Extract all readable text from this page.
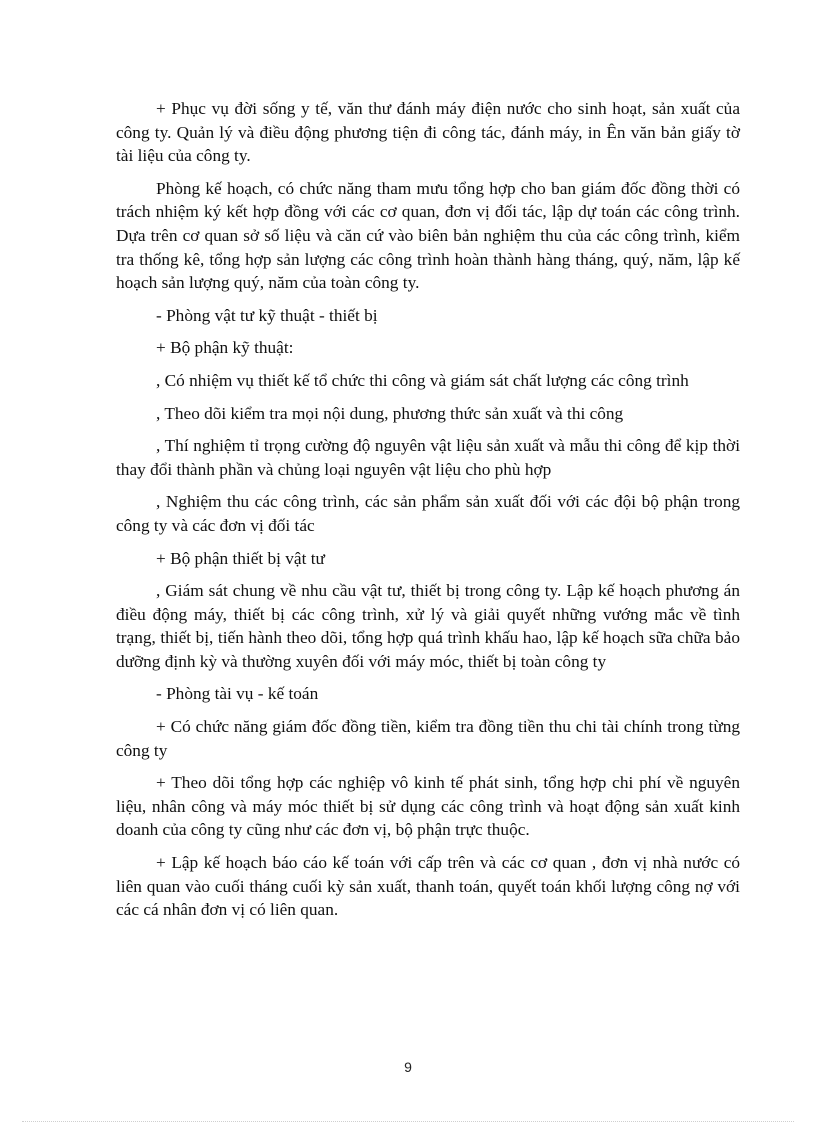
+ Phục vụ đời sống y tế, văn thư đánh máy điện nước cho sinh hoạt, sản xuất của công ty. Quản lý và điều động phương tiện đi công tác, đánh máy, in Ên văn bản giấy tờ tài liệu của công ty.

Phòng kế hoạch, có chức năng tham mưu tổng hợp cho ban giám đốc đồng thời có trách nhiệm ký kết hợp đồng với các cơ quan, đơn vị đối tác, lập dự toán các công trình. Dựa trên cơ quan sở số liệu và căn cứ vào biên bản nghiệm thu của các công trình, kiểm tra thống kê, tổng hợp sản lượng các công trình hoàn thành hàng tháng, quý, năm, lập kế hoạch sản lượng quý, năm của toàn công ty.

- Phòng vật tư kỹ thuật - thiết bị

+ Bộ phận kỹ thuật:

, Có nhiệm vụ thiết kế tổ chức thi công và giám sát chất lượng các công trình

, Theo dõi kiểm tra mọi nội dung, phương thức sản xuất và thi công

, Thí nghiệm tỉ trọng cường độ nguyên vật liệu sản xuất và mẫu thi công để kịp thời thay đổi thành phần và chủng loại nguyên vật liệu cho phù hợp

, Nghiệm thu các công trình, các sản phẩm sản xuất đối với các đội bộ phận trong công ty và các đơn vị đối tác

+ Bộ phận thiết bị vật tư

, Giám sát chung về nhu cầu vật tư, thiết bị trong công ty. Lập kế hoạch phương án điều động máy, thiết bị các công trình, xử lý và giải quyết những vướng mắc về tình trạng, thiết bị, tiến hành theo dõi, tổng hợp quá trình khấu hao, lập kế hoạch sữa chữa bảo dưỡng định kỳ và thường xuyên đối với máy móc, thiết bị toàn công ty

- Phòng tài vụ - kế toán

+ Có chức năng giám đốc đồng tiền, kiểm tra đồng tiền thu chi tài chính trong từng công ty

+ Theo dõi tổng hợp các nghiệp vô kinh tế phát sinh, tổng hợp chi phí về nguyên liệu, nhân công và máy móc thiết bị sử dụng các công trình và hoạt động sản xuất kinh doanh của công ty cũng như các đơn vị, bộ phận trực thuộc.

+ Lập kế hoạch báo cáo kế toán với cấp trên và các cơ quan , đơn vị nhà nước có liên quan vào cuối tháng cuối kỳ sản xuất, thanh toán, quyết toán khối lượng công nợ với các cá nhân đơn vị có liên quan.

9
